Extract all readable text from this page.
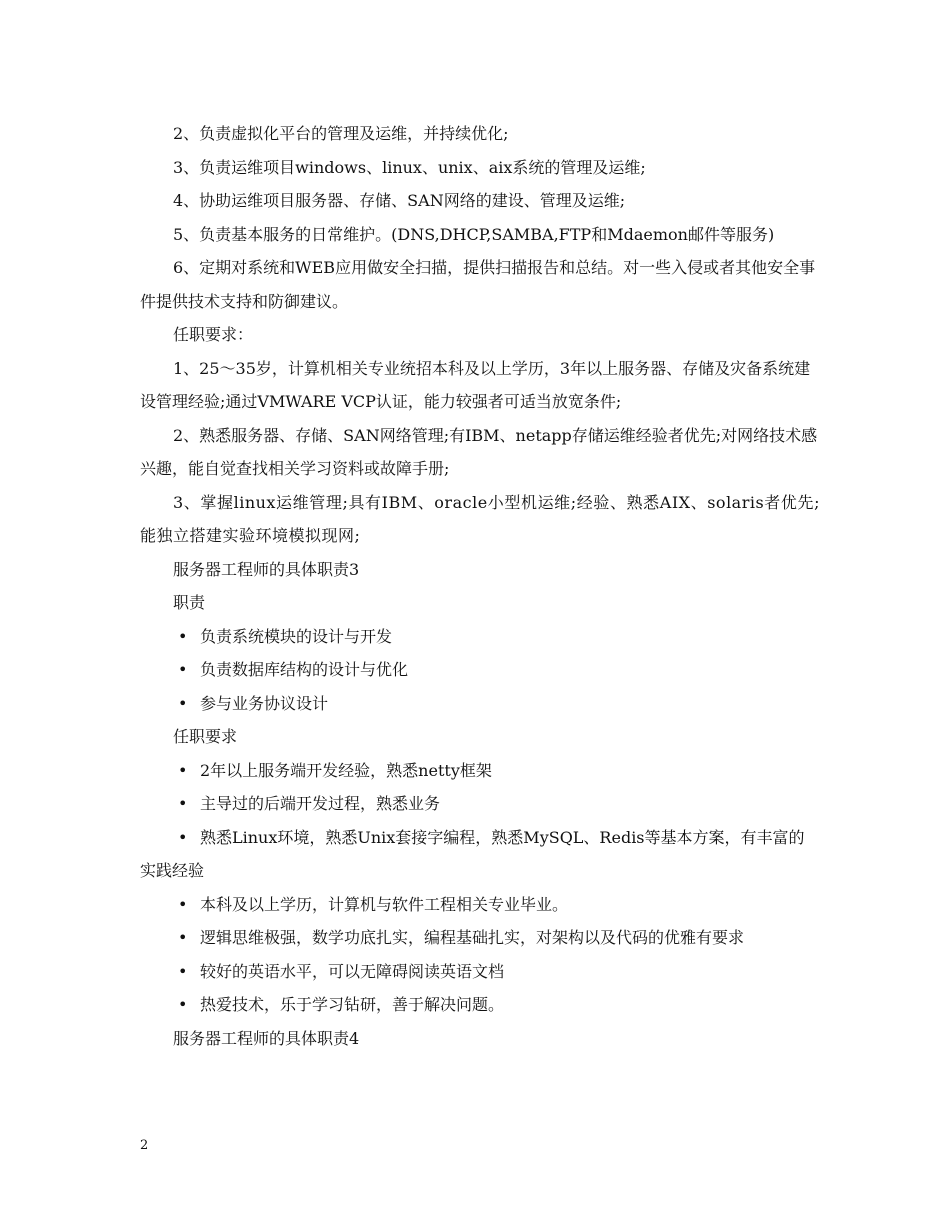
2、负责虚拟化平台的管理及运维，并持续优化;

3、负责运维项目windows、linux、unix、aix系统的管理及运维;

4、协助运维项目服务器、存储、SAN网络的建设、管理及运维;

5、负责基本服务的日常维护。(DNS,DHCP,SAMBA,FTP和Mdaemon邮件等服务)

6、定期对系统和WEB应用做安全扫描，提供扫描报告和总结。对一些入侵或者其他安全事件提供技术支持和防御建议。

任职要求：

1、25～35岁，计算机相关专业统招本科及以上学历，3年以上服务器、存储及灾备系统建设管理经验;通过VMWARE VCP认证，能力较强者可适当放宽条件;

2、熟悉服务器、存储、SAN网络管理;有IBM、netapp存储运维经验者优先;对网络技术感兴趣，能自觉查找相关学习资料或故障手册;

3、掌握linux运维管理;具有IBM、oracle小型机运维;经验、熟悉AIX、solaris者优先;能独立搭建实验环境模拟现网;

服务器工程师的具体职责3

职责

• 负责系统模块的设计与开发

• 负责数据库结构的设计与优化

• 参与业务协议设计

任职要求

• 2年以上服务端开发经验，熟悉netty框架

• 主导过的后端开发过程，熟悉业务

• 熟悉Linux环境，熟悉Unix套接字编程，熟悉MySQL、Redis等基本方案，有丰富的实践经验

• 本科及以上学历，计算机与软件工程相关专业毕业。

• 逻辑思维极强，数学功底扎实，编程基础扎实，对架构以及代码的优雅有要求

• 较好的英语水平，可以无障碍阅读英语文档

• 热爱技术，乐于学习钻研，善于解决问题。

服务器工程师的具体职责4

2
